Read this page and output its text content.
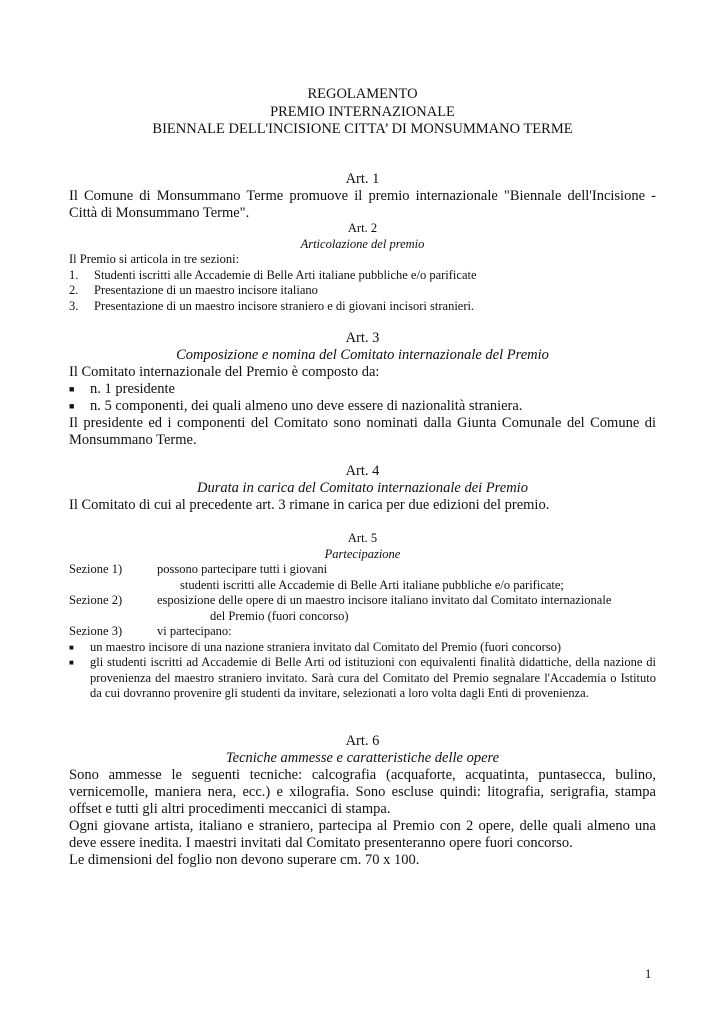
REGOLAMENTO
PREMIO INTERNAZIONALE
BIENNALE DELL'INCISIONE CITTA’ DI MONSUMMANO TERME
Art. 1
Il Comune di Monsummano Terme promuove il premio internazionale "Biennale dell'Incisione - Città di Monsummano Terme".
Art. 2
Articolazione del premio
Il Premio si articola in tre sezioni:
1.	Studenti iscritti alle Accademie di Belle Arti italiane pubbliche e/o parificate
2.	Presentazione di un maestro incisore italiano
3.	Presentazione di un maestro incisore straniero e di giovani incisori stranieri.
Art. 3
Composizione e nomina del Comitato internazionale del Premio
Il Comitato internazionale del Premio è composto da:
■	n. 1 presidente
■	n. 5 componenti, dei quali almeno uno deve essere di nazionalità straniera.
Il presidente ed i componenti del Comitato sono nominati dalla Giunta Comunale del Comune di Monsummano Terme.
Art. 4
Durata in carica del Comitato internazionale dei Premio
Il Comitato di cui al precedente art. 3 rimane in carica per due edizioni del premio.
Art. 5
Partecipazione
Sezione 1)	possono partecipare tutti i giovani
studenti iscritti alle Accademie di Belle Arti italiane pubbliche e/o parificate;
Sezione 2)	esposizione delle opere di un maestro incisore italiano invitato dal Comitato internazionale
del Premio (fuori concorso)
Sezione 3)	vi partecipano:
■	un maestro incisore di una nazione straniera invitato dal Comitato del Premio (fuori concorso)
■	gli studenti iscritti ad Accademie di Belle Arti od istituzioni con equivalenti finalità didattiche, della nazione di provenienza del maestro straniero invitato. Sarà cura del Comitato del Premio segnalare l'Accademia o Istituto da cui dovranno provenire gli studenti da invitare, selezionati a loro volta dagli Enti di provenienza.
Art. 6
Tecniche ammesse e caratteristiche delle opere
Sono ammesse le seguenti tecniche: calcografia (acquaforte, acquatinta, puntasecca, bulino, vernicemolle, maniera nera, ecc.) e xilografia. Sono escluse quindi: litografia, serigrafia, stampa offset e tutti gli altri procedimenti meccanici di stampa.
Ogni giovane artista, italiano e straniero, partecipa al Premio con 2 opere, delle quali almeno una deve essere inedita. I maestri invitati dal Comitato presenteranno opere fuori concorso.
Le dimensioni del foglio non devono superare cm. 70 x 100.
1
